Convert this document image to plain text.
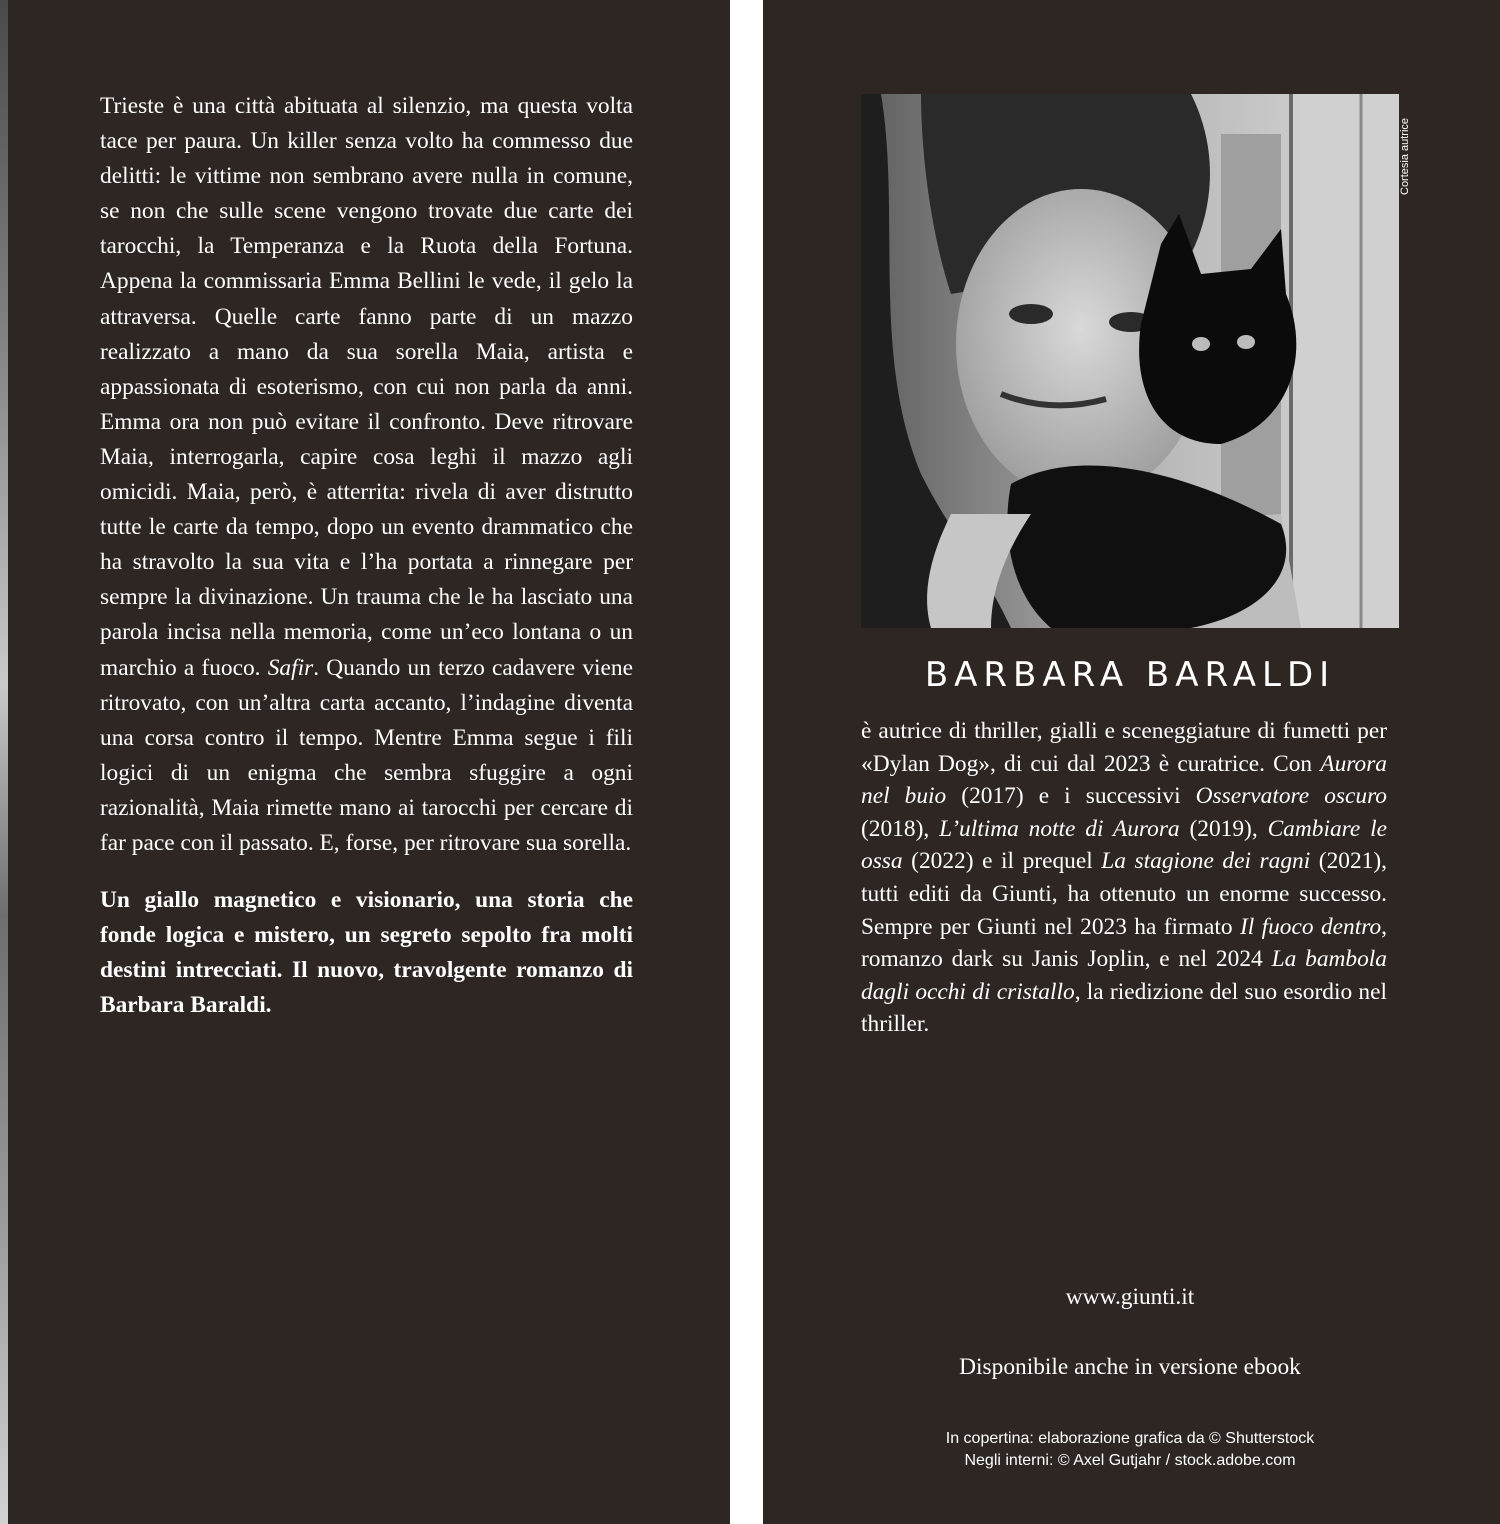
Trieste è una città abituata al silenzio, ma questa volta tace per paura. Un killer senza volto ha commesso due delitti: le vittime non sembrano avere nulla in comune, se non che sulle scene vengono trovate due carte dei tarocchi, la Temperanza e la Ruota della Fortuna. Appena la commissaria Emma Bellini le vede, il gelo la attraversa. Quelle carte fanno parte di un mazzo realizzato a mano da sua sorella Maia, artista e appassionata di esoterismo, con cui non parla da anni. Emma ora non può evitare il confronto. Deve ritrovare Maia, interrogarla, capire cosa leghi il mazzo agli omicidi. Maia, però, è atterrita: rivela di aver distrutto tutte le carte da tempo, dopo un evento drammatico che ha stravolto la sua vita e l’ha portata a rinnegare per sempre la divinazione. Un trauma che le ha lasciato una parola incisa nella memoria, come un’eco lontana o un marchio a fuoco. Safir. Quando un terzo cadavere viene ritrovato, con un’altra carta accanto, l’indagine diventa una corsa contro il tempo. Mentre Emma segue i fili logici di un enigma che sembra sfuggire a ogni razionalità, Maia rimette mano ai tarocchi per cercare di far pace con il passato. E, forse, per ritrovare sua sorella.

Un giallo magnetico e visionario, una storia che fonde logica e mistero, un segreto sepolto fra molti destini intrecciati. Il nuovo, travolgente romanzo di Barbara Baraldi.

Cortesia autrice
BARBARA BARALDI
è autrice di thriller, gialli e sceneggiature di fumetti per «Dylan Dog», di cui dal 2023 è curatrice. Con Aurora nel buio (2017) e i successivi Osservatore oscuro (2018), L’ultima notte di Aurora (2019), Cambiare le ossa (2022) e il prequel La stagione dei ragni (2021), tutti editi da Giunti, ha ottenuto un enorme successo. Sempre per Giunti nel 2023 ha firmato Il fuoco dentro, romanzo dark su Janis Joplin, e nel 2024 La bambola dagli occhi di cristallo, la riedizione del suo esordio nel thriller.
www.giunti.it
Disponibile anche in versione ebook
In copertina: elaborazione grafica da © Shutterstock
Negli interni: © Axel Gutjahr / stock.adobe.com
